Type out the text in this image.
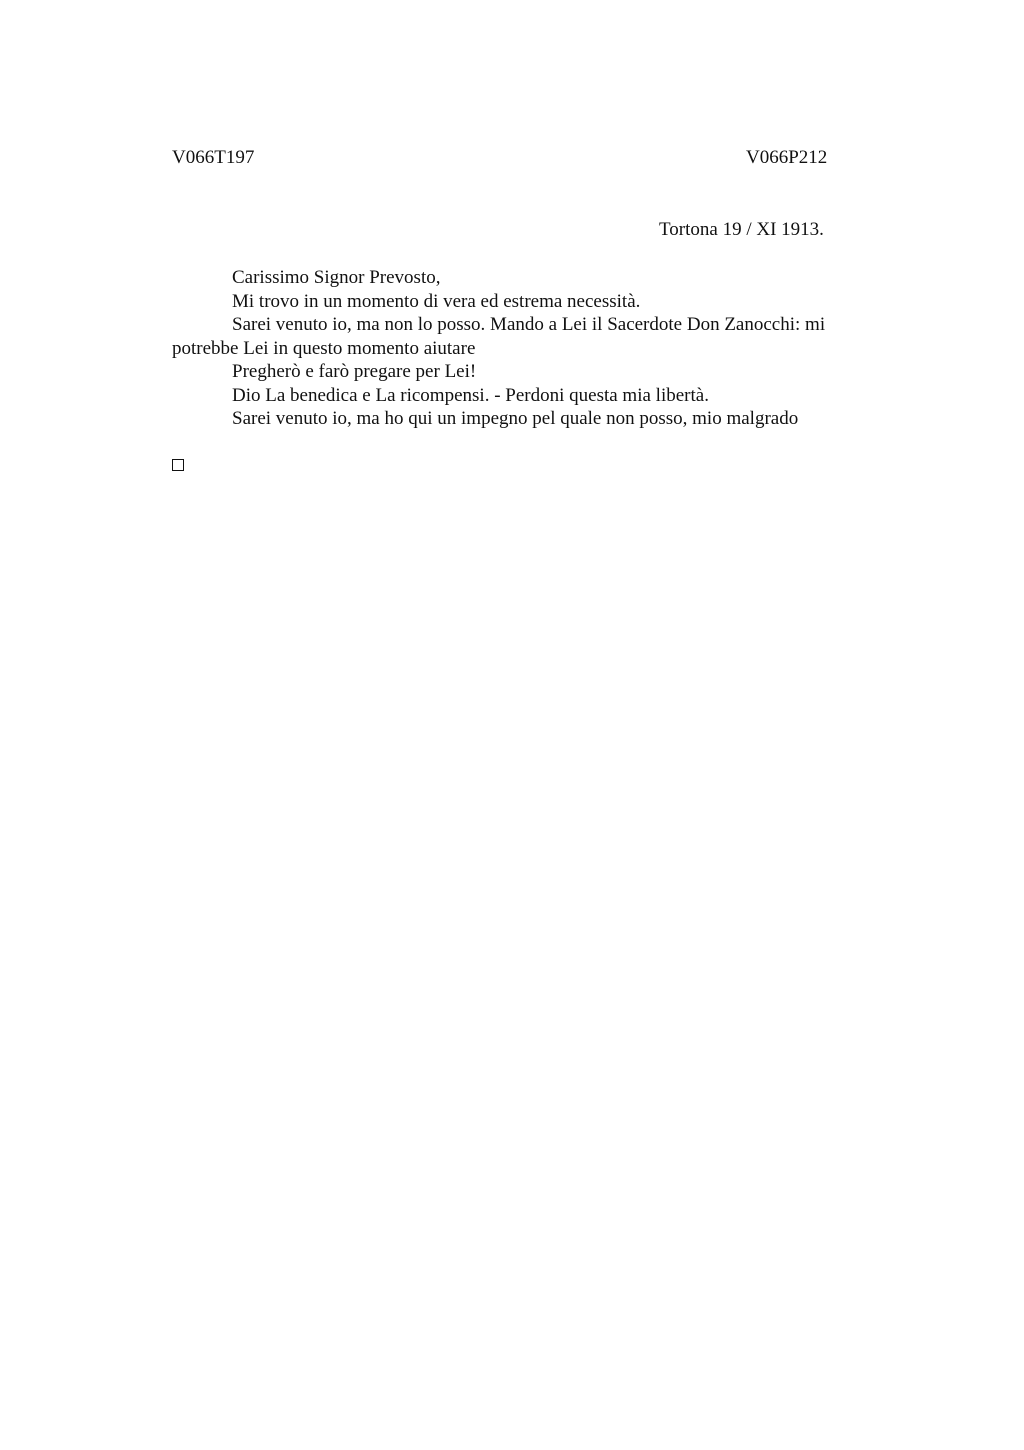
V066T197	V066P212
Tortona 19 / XI 1913.

Carissimo Signor Prevosto,

Mi trovo in un momento di vera ed estrema necessità.

Sarei venuto io, ma non lo posso. Mando a Lei il Sacerdote Don Zanocchi: mi potrebbe Lei in questo momento aiutare

Pregherò e farò pregare per Lei!

Dio La benedica e La ricompensi. - Perdoni questa mia libertà.

Sarei venuto io, ma ho qui un impegno pel quale non posso, mio malgrado
